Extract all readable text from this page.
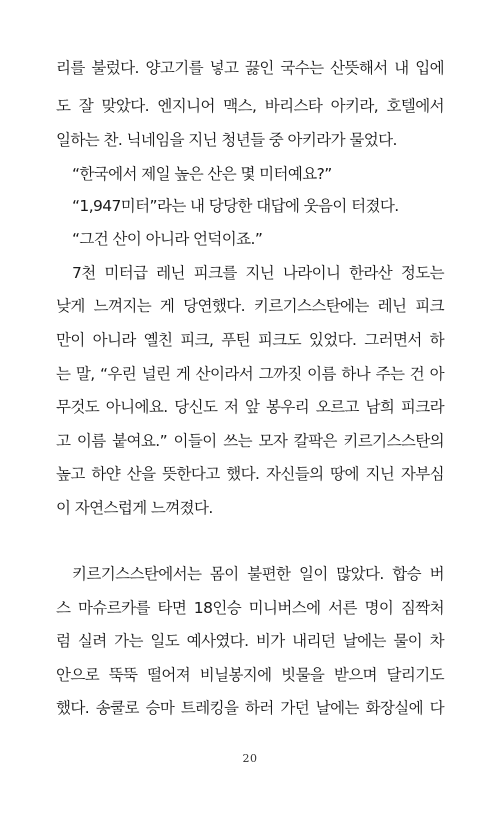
리를 불렀다. 양고기를 넣고 끓인 국수는 산뜻해서 내 입에
도 잘 맞았다. 엔지니어 맥스, 바리스타 아키라, 호텔에서
일하는 찬. 닉네임을 지닌 청년들 중 아키라가 물었다.
“한국에서 제일 높은 산은 몇 미터예요?”
“1,947미터”라는 내 당당한 대답에 웃음이 터졌다.
“그건 산이 아니라 언덕이죠.”
7천 미터급 레닌 피크를 지닌 나라이니 한라산 정도는
낮게 느껴지는 게 당연했다. 키르기스스탄에는 레닌 피크
만이 아니라 옐친 피크, 푸틴 피크도 있었다. 그러면서 하
는 말, “우린 널린 게 산이라서 그까짓 이름 하나 주는 건 아
무것도 아니에요. 당신도 저 앞 봉우리 오르고 남희 피크라
고 이름 붙여요.” 이들이 쓰는 모자 칼팍은 키르기스스탄의
높고 하얀 산을 뜻한다고 했다. 자신들의 땅에 지닌 자부심
이 자연스럽게 느껴졌다.
키르기스스탄에서는 몸이 불편한 일이 많았다. 합승 버
스 마슈르카를 타면 18인승 미니버스에 서른 명이 짐짝처
럼 실려 가는 일도 예사였다. 비가 내리던 날에는 물이 차
안으로 뚝뚝 떨어져 비닐봉지에 빗물을 받으며 달리기도
했다. 송쿨로 승마 트레킹을 하러 가던 날에는 화장실에 다
20
